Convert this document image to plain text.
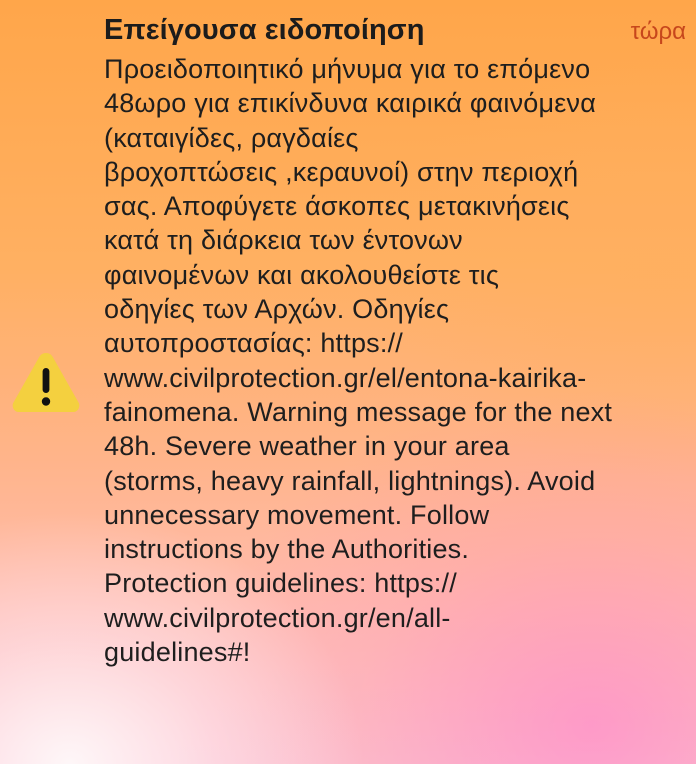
Επείγουσα ειδοποίηση	τώρα

Προειδοποιητικό μήνυμα για το επόμενο
48ωρο για επικίνδυνα καιρικά φαινόμενα
(καταιγίδες, ραγδαίες
βροχοπτώσεις ,κεραυνοί) στην περιοχή
σας. Αποφύγετε άσκοπες μετακινήσεις
κατά τη διάρκεια των έντονων
φαινομένων και ακολουθείστε τις
οδηγίες των Αρχών. Οδηγίες
αυτοπροστασίας: https://
www.civilprotection.gr/el/entona-kairika-
fainomena. Warning message for the next
48h. Severe weather in your area
(storms, heavy rainfall, lightnings). Avoid
unnecessary movement. Follow
instructions by the Authorities.
Protection guidelines: https://
www.civilprotection.gr/en/all-
guidelines#!
